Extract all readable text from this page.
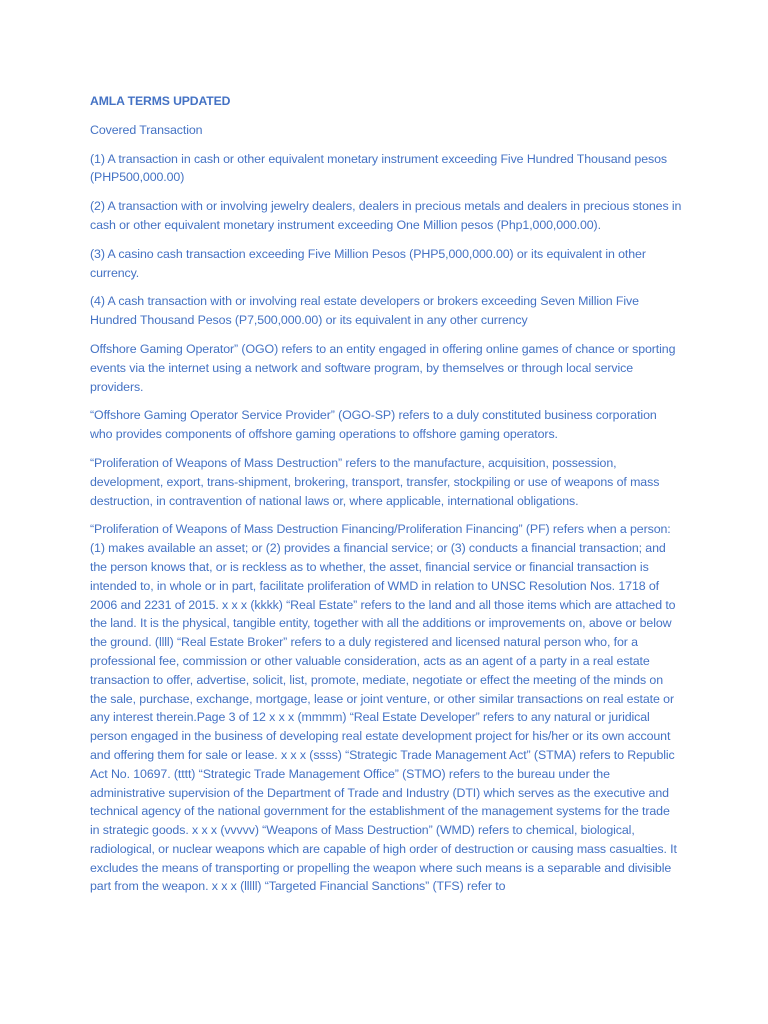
AMLA TERMS UPDATED

Covered Transaction

(1) A transaction in cash or other equivalent monetary instrument exceeding Five Hundred Thousand pesos (PHP500,000.00)

(2) A transaction with or involving jewelry dealers, dealers in precious metals and dealers in precious stones in cash or other equivalent monetary instrument exceeding One Million pesos (Php1,000,000.00).

(3) A casino cash transaction exceeding Five Million Pesos (PHP5,000,000.00) or its equivalent in other currency.

(4) A cash transaction with or involving real estate developers or brokers exceeding Seven Million Five Hundred Thousand Pesos (P7,500,000.00) or its equivalent in any other currency

Offshore Gaming Operator” (OGO) refers to an entity engaged in offering online games of chance or sporting events via the internet using a network and software program, by themselves or through local service providers.

“Offshore Gaming Operator Service Provider” (OGO-SP) refers to a duly constituted business corporation who provides components of offshore gaming operations to offshore gaming operators.

“Proliferation of Weapons of Mass Destruction” refers to the manufacture, acquisition, possession, development, export, trans-shipment, brokering, transport, transfer, stockpiling or use of weapons of mass destruction, in contravention of national laws or, where applicable, international obligations.

“Proliferation of Weapons of Mass Destruction Financing/Proliferation Financing” (PF) refers when a person: (1) makes available an asset; or (2) provides a financial service; or (3) conducts a financial transaction; and the person knows that, or is reckless as to whether, the asset, financial service or financial transaction is intended to, in whole or in part, facilitate proliferation of WMD in relation to UNSC Resolution Nos. 1718 of 2006 and 2231 of 2015. x x x (kkkk) “Real Estate” refers to the land and all those items which are attached to the land. It is the physical, tangible entity, together with all the additions or improvements on, above or below the ground. (llll) “Real Estate Broker” refers to a duly registered and licensed natural person who, for a professional fee, commission or other valuable consideration, acts as an agent of a party in a real estate transaction to offer, advertise, solicit, list, promote, mediate, negotiate or effect the meeting of the minds on the sale, purchase, exchange, mortgage, lease or joint venture, or other similar transactions on real estate or any interest therein.Page 3 of 12 x x x (mmmm) “Real Estate Developer” refers to any natural or juridical person engaged in the business of developing real estate development project for his/her or its own account and offering them for sale or lease. x x x (ssss) “Strategic Trade Management Act” (STMA) refers to Republic Act No. 10697. (tttt) “Strategic Trade Management Office” (STMO) refers to the bureau under the administrative supervision of the Department of Trade and Industry (DTI) which serves as the executive and technical agency of the national government for the establishment of the management systems for the trade in strategic goods. x x x (vvvvv) “Weapons of Mass Destruction” (WMD) refers to chemical, biological, radiological, or nuclear weapons which are capable of high order of destruction or causing mass casualties. It excludes the means of transporting or propelling the weapon where such means is a separable and divisible part from the weapon. x x x (lllll) “Targeted Financial Sanctions” (TFS) refer to
